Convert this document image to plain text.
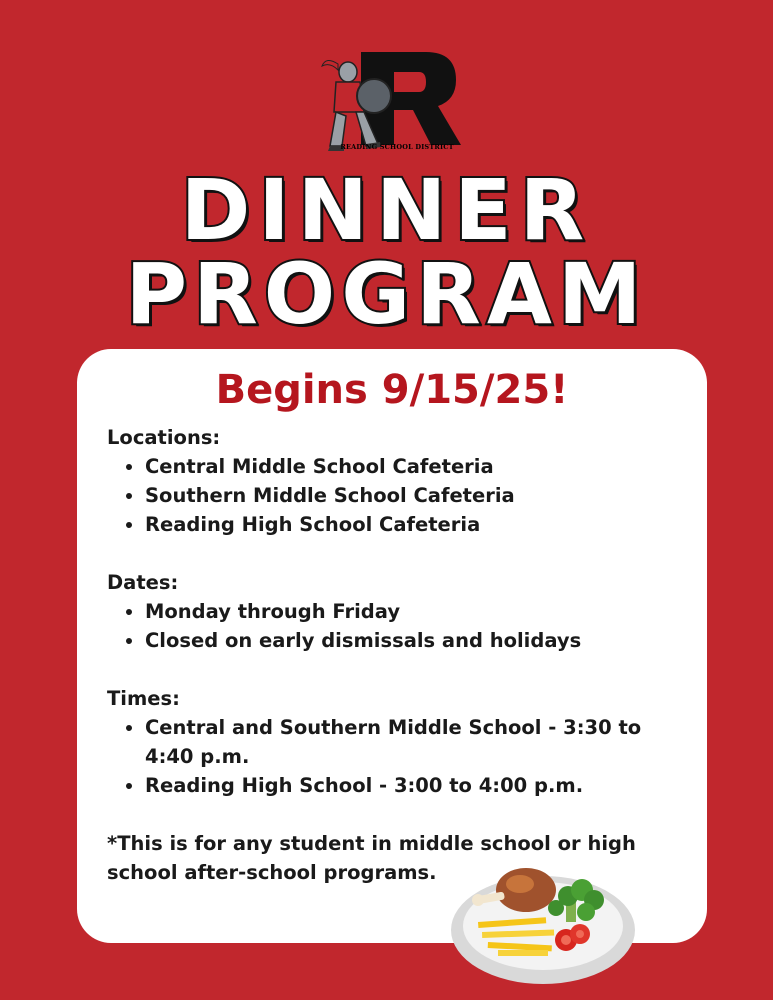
READING SCHOOL DISTRICT
DINNER
PROGRAM
Begins 9/15/25!

Locations:

• Central Middle School Cafeteria
• Southern Middle School Cafeteria
• Reading High School Cafeteria

Dates:

• Monday through Friday
• Closed on early dismissals and holidays

Times:

• Central and Southern Middle School - 3:30 to 4:40 p.m.
• Reading High School - 3:00 to 4:00 p.m.

*This is for any student in middle school or high school after-school programs.
